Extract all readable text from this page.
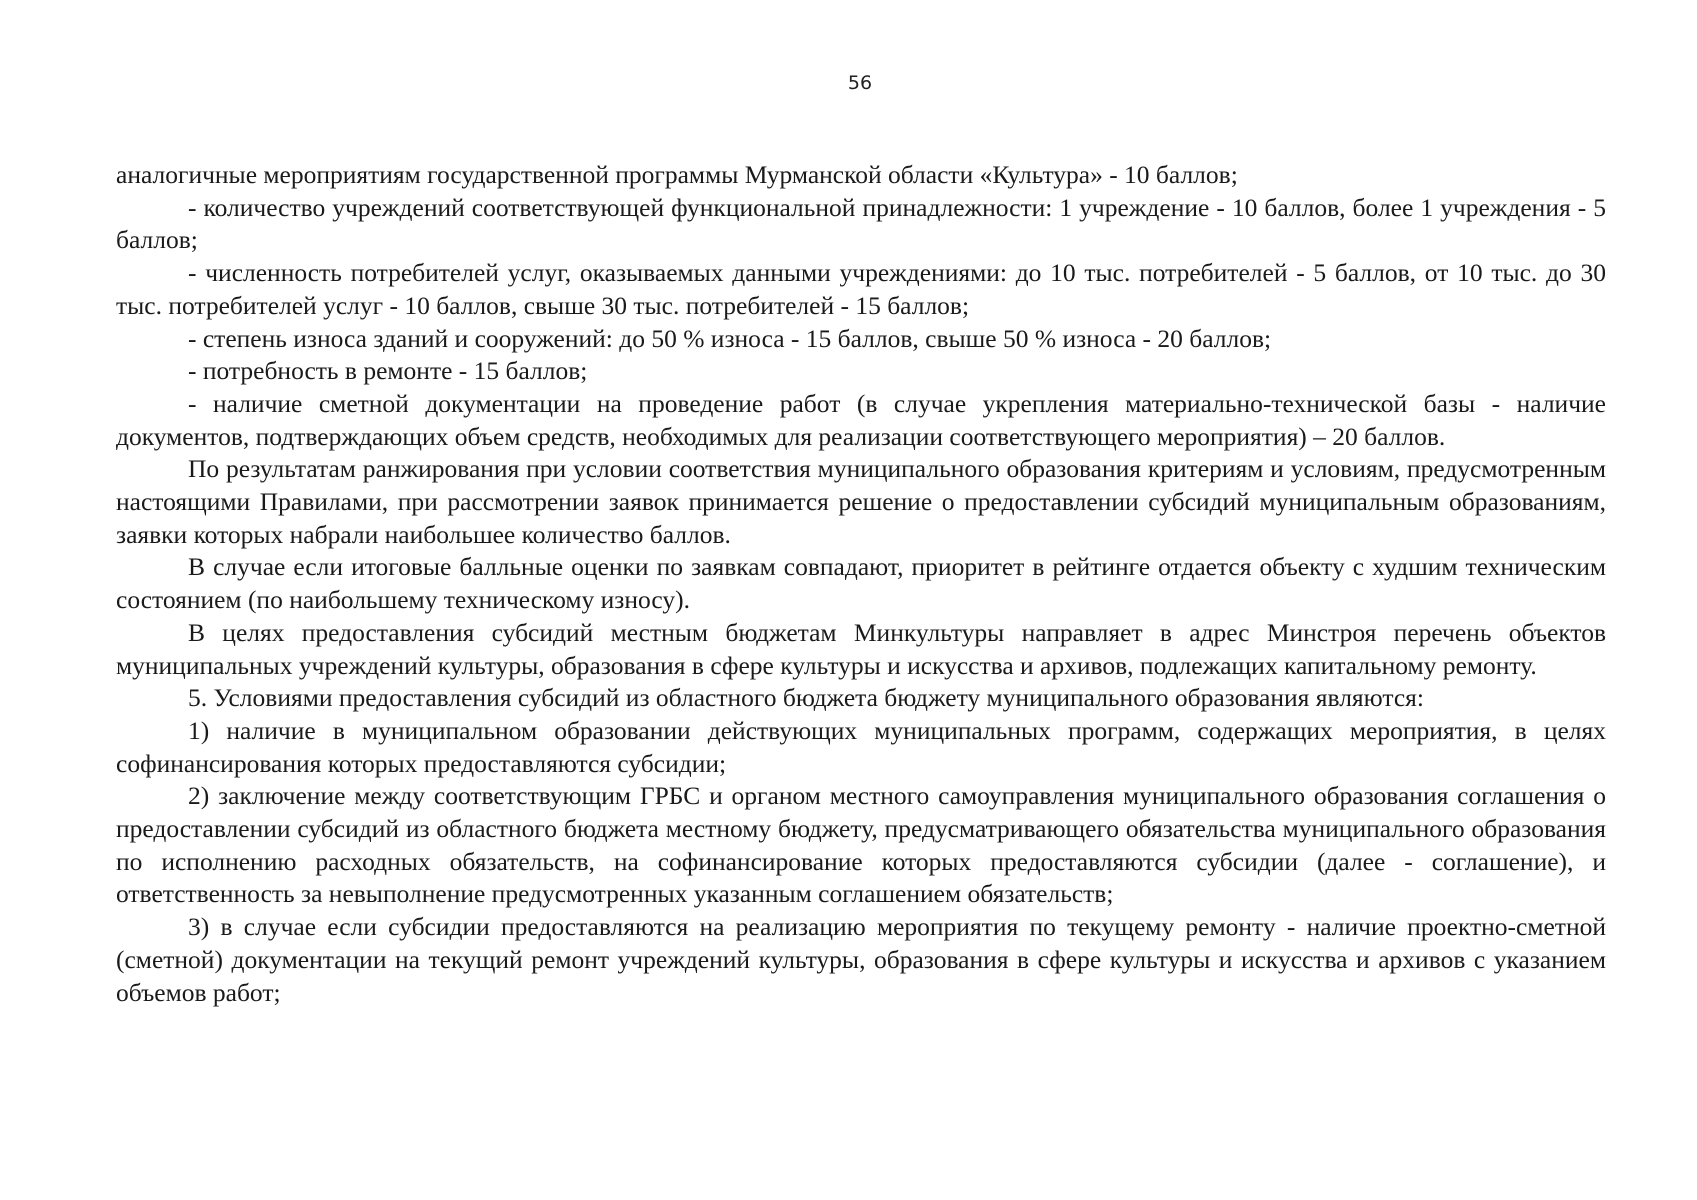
56

аналогичные мероприятиям государственной программы Мурманской области «Культура» - 10 баллов;

- количество учреждений соответствующей функциональной принадлежности: 1 учреждение - 10 баллов, более 1 учреждения - 5 баллов;

- численность потребителей услуг, оказываемых данными учреждениями: до 10 тыс. потребителей - 5 баллов, от 10 тыс. до 30 тыс. потребителей услуг - 10 баллов, свыше 30 тыс. потребителей - 15 баллов;

- степень износа зданий и сооружений: до 50 % износа - 15 баллов, свыше 50 % износа - 20 баллов;

- потребность в ремонте - 15 баллов;

- наличие сметной документации на проведение работ (в случае укрепления материально-технической базы - наличие документов, подтверждающих объем средств, необходимых для реализации соответствующего мероприятия) – 20 баллов.

По результатам ранжирования при условии соответствия муниципального образования критериям и условиям, предусмотренным настоящими Правилами, при рассмотрении заявок принимается решение о предоставлении субсидий муниципальным образованиям, заявки которых набрали наибольшее количество баллов.

В случае если итоговые балльные оценки по заявкам совпадают, приоритет в рейтинге отдается объекту с худшим техническим состоянием (по наибольшему техническому износу).

В целях предоставления субсидий местным бюджетам Минкультуры направляет в адрес Минстроя перечень объектов муниципальных учреждений культуры, образования в сфере культуры и искусства и архивов, подлежащих капитальному ремонту.

5. Условиями предоставления субсидий из областного бюджета бюджету муниципального образования являются:

1) наличие в муниципальном образовании действующих муниципальных программ, содержащих мероприятия, в целях софинансирования которых предоставляются субсидии;

2) заключение между соответствующим ГРБС и органом местного самоуправления муниципального образования соглашения о предоставлении субсидий из областного бюджета местному бюджету, предусматривающего обязательства муниципального образования по исполнению расходных обязательств, на софинансирование которых предоставляются субсидии (далее - соглашение), и ответственность за невыполнение предусмотренных указанным соглашением обязательств;

3) в случае если субсидии предоставляются на реализацию мероприятия по текущему ремонту - наличие проектно-сметной (сметной) документации на текущий ремонт учреждений культуры, образования в сфере культуры и искусства и архивов с указанием объемов работ;
